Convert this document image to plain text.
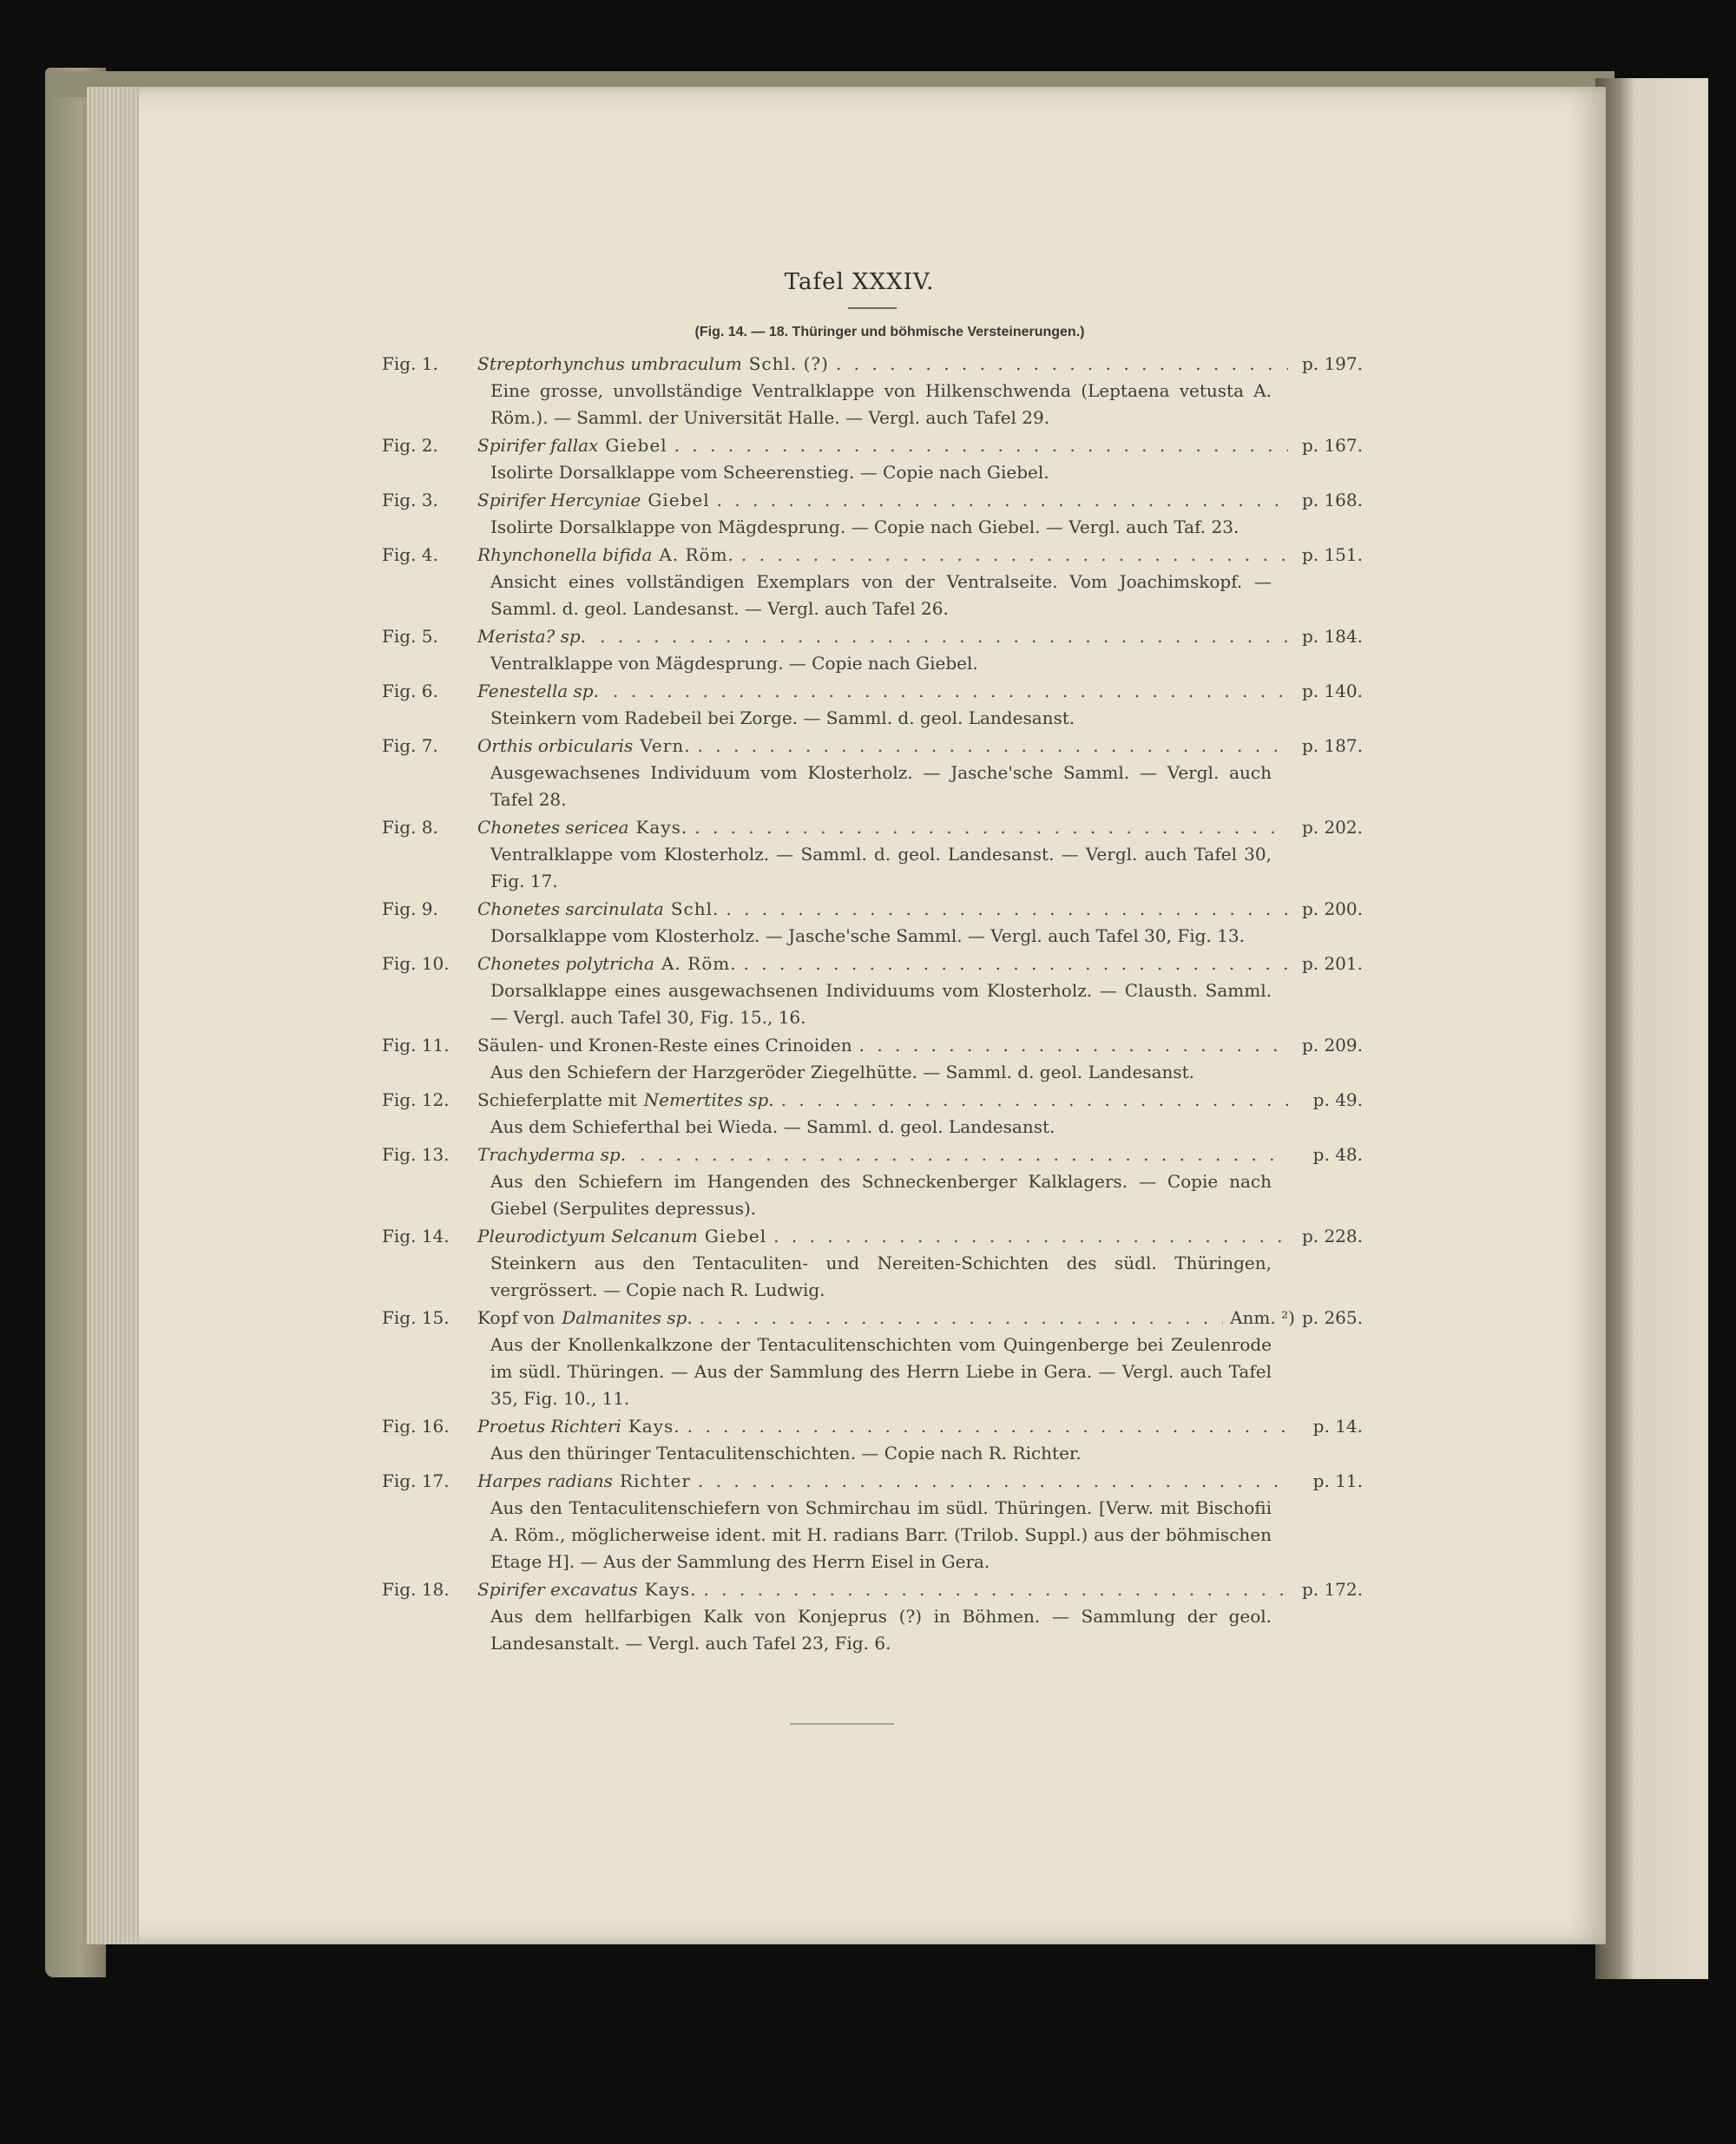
Tafel XXXIV.
(Fig. 14. — 18. Thüringer und böhmische Versteinerungen.)
Fig. 1.	Streptorhynchus umbraculum Schl. (?) . . .	p. 197.
Eine grosse, unvollständige Ventralklappe von Hilkenschwenda (Leptaena vetusta A. Röm.). — Samml. der Universität Halle. — Vergl. auch Tafel 29.
Fig. 2.	Spirifer fallax Giebel . . .	p. 167.
Isolirte Dorsalklappe vom Scheerenstieg. — Copie nach Giebel.
Fig. 3.	Spirifer Hercyniae Giebel . . .	p. 168.
Isolirte Dorsalklappe von Mägdesprung. — Copie nach Giebel. — Vergl. auch Taf. 23.
Fig. 4.	Rhynchonella bifida A. Röm. . . .	p. 151.
Ansicht eines vollständigen Exemplars von der Ventralseite. Vom Joachimskopf. — Samml. d. geol. Landesanst. — Vergl. auch Tafel 26.
Fig. 5.	Merista? sp. . . .	p. 184.
Ventralklappe von Mägdesprung. — Copie nach Giebel.
Fig. 6.	Fenestella sp. . . .	p. 140.
Steinkern vom Radebeil bei Zorge. — Samml. d. geol. Landesanst.
Fig. 7.	Orthis orbicularis Vern. . . .	p. 187.
Ausgewachsenes Individuum vom Klosterholz. — Jasche'sche Samml. — Vergl. auch Tafel 28.
Fig. 8.	Chonetes sericea Kays. . . .	p. 202.
Ventralklappe vom Klosterholz. — Samml. d. geol. Landesanst. — Vergl. auch Tafel 30, Fig. 17.
Fig. 9.	Chonetes sarcinulata Schl. . . .	p. 200.
Dorsalklappe vom Klosterholz. — Jasche'sche Samml. — Vergl. auch Tafel 30, Fig. 13.
Fig. 10.	Chonetes polytricha A. Röm. . . .	p. 201.
Dorsalklappe eines ausgewachsenen Individuums vom Klosterholz. — Clausth. Samml. — Vergl. auch Tafel 30, Fig. 15., 16.
Fig. 11.	Säulen- und Kronen-Reste eines Crinoiden . . .	p. 209.
Aus den Schiefern der Harzgeröder Ziegelhütte. — Samml. d. geol. Landesanst.
Fig. 12.	Schieferplatte mit Nemertites sp. . . .	p. 49.
Aus dem Schieferthal bei Wieda. — Samml. d. geol. Landesanst.
Fig. 13.	Trachyderma sp. . . .	p. 48.
Aus den Schiefern im Hangenden des Schneckenberger Kalklagers. — Copie nach Giebel (Serpulites depressus).
Fig. 14.	Pleurodictyum Selcanum Giebel . . .	p. 228.
Steinkern aus den Tentaculiten- und Nereiten-Schichten des südl. Thüringen, vergrössert. — Copie nach R. Ludwig.
Fig. 15.	Kopf von Dalmanites sp. . . .	Anm. ²) p. 265.
Aus der Knollenkalkzone der Tentaculitenschichten vom Quingenberge bei Zeulenrode im südl. Thüringen. — Aus der Sammlung des Herrn Liebe in Gera. — Vergl. auch Tafel 35, Fig. 10., 11.
Fig. 16.	Proetus Richteri Kays. . . .	p. 14.
Aus den thüringer Tentaculitenschichten. — Copie nach R. Richter.
Fig. 17.	Harpes radians Richter . . .	p. 11.
Aus den Tentaculitenschiefern von Schmirchau im südl. Thüringen. [Verw. mit Bischofii A. Röm., möglicherweise ident. mit H. radians Barr. (Trilob. Suppl.) aus der böhmischen Etage H]. — Aus der Sammlung des Herrn Eisel in Gera.
Fig. 18.	Spirifer excavatus Kays. . . .	p. 172.
Aus dem hellfarbigen Kalk von Konjeprus (?) in Böhmen. — Sammlung der geol. Landesanstalt. — Vergl. auch Tafel 23, Fig. 6.
